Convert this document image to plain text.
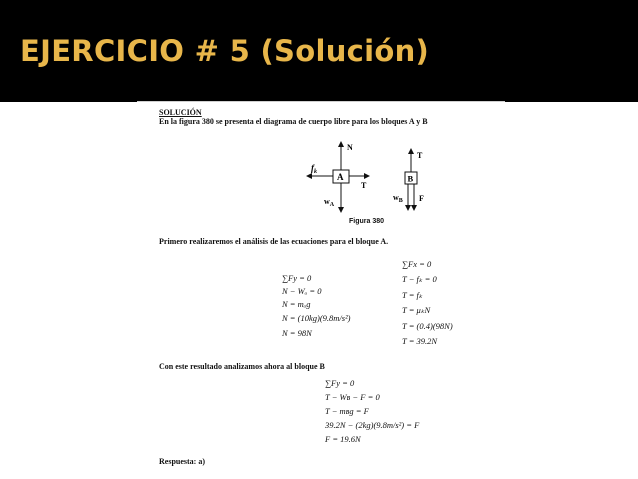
EJERCICIO # 5 (Solución)
SOLUCIÓN
En la figura 380 se presenta el diagrama de cuerpo libre para los bloques A y B
A
N
$f_k$
T
$w_A$
B
T
$w_B$ F
Figura 380
Primero realizaremos el análisis de las ecuaciones para el bloque A.
∑Fy = 0
N − Wₐ = 0
N = mₐg
N = (10kg)(9.8m/s²)
N = 98N
∑Fx = 0
T − fₖ = 0
T = fₖ
T = μₖN
T = (0.4)(98N)
T = 39.2N
Con este resultado analizamos ahora al bloque B
∑Fy = 0
T − Wʙ − F = 0
T − mʙg = F
39.2N − (2kg)(9.8m/s²) = F
F = 19.6N
Respuesta: a)
